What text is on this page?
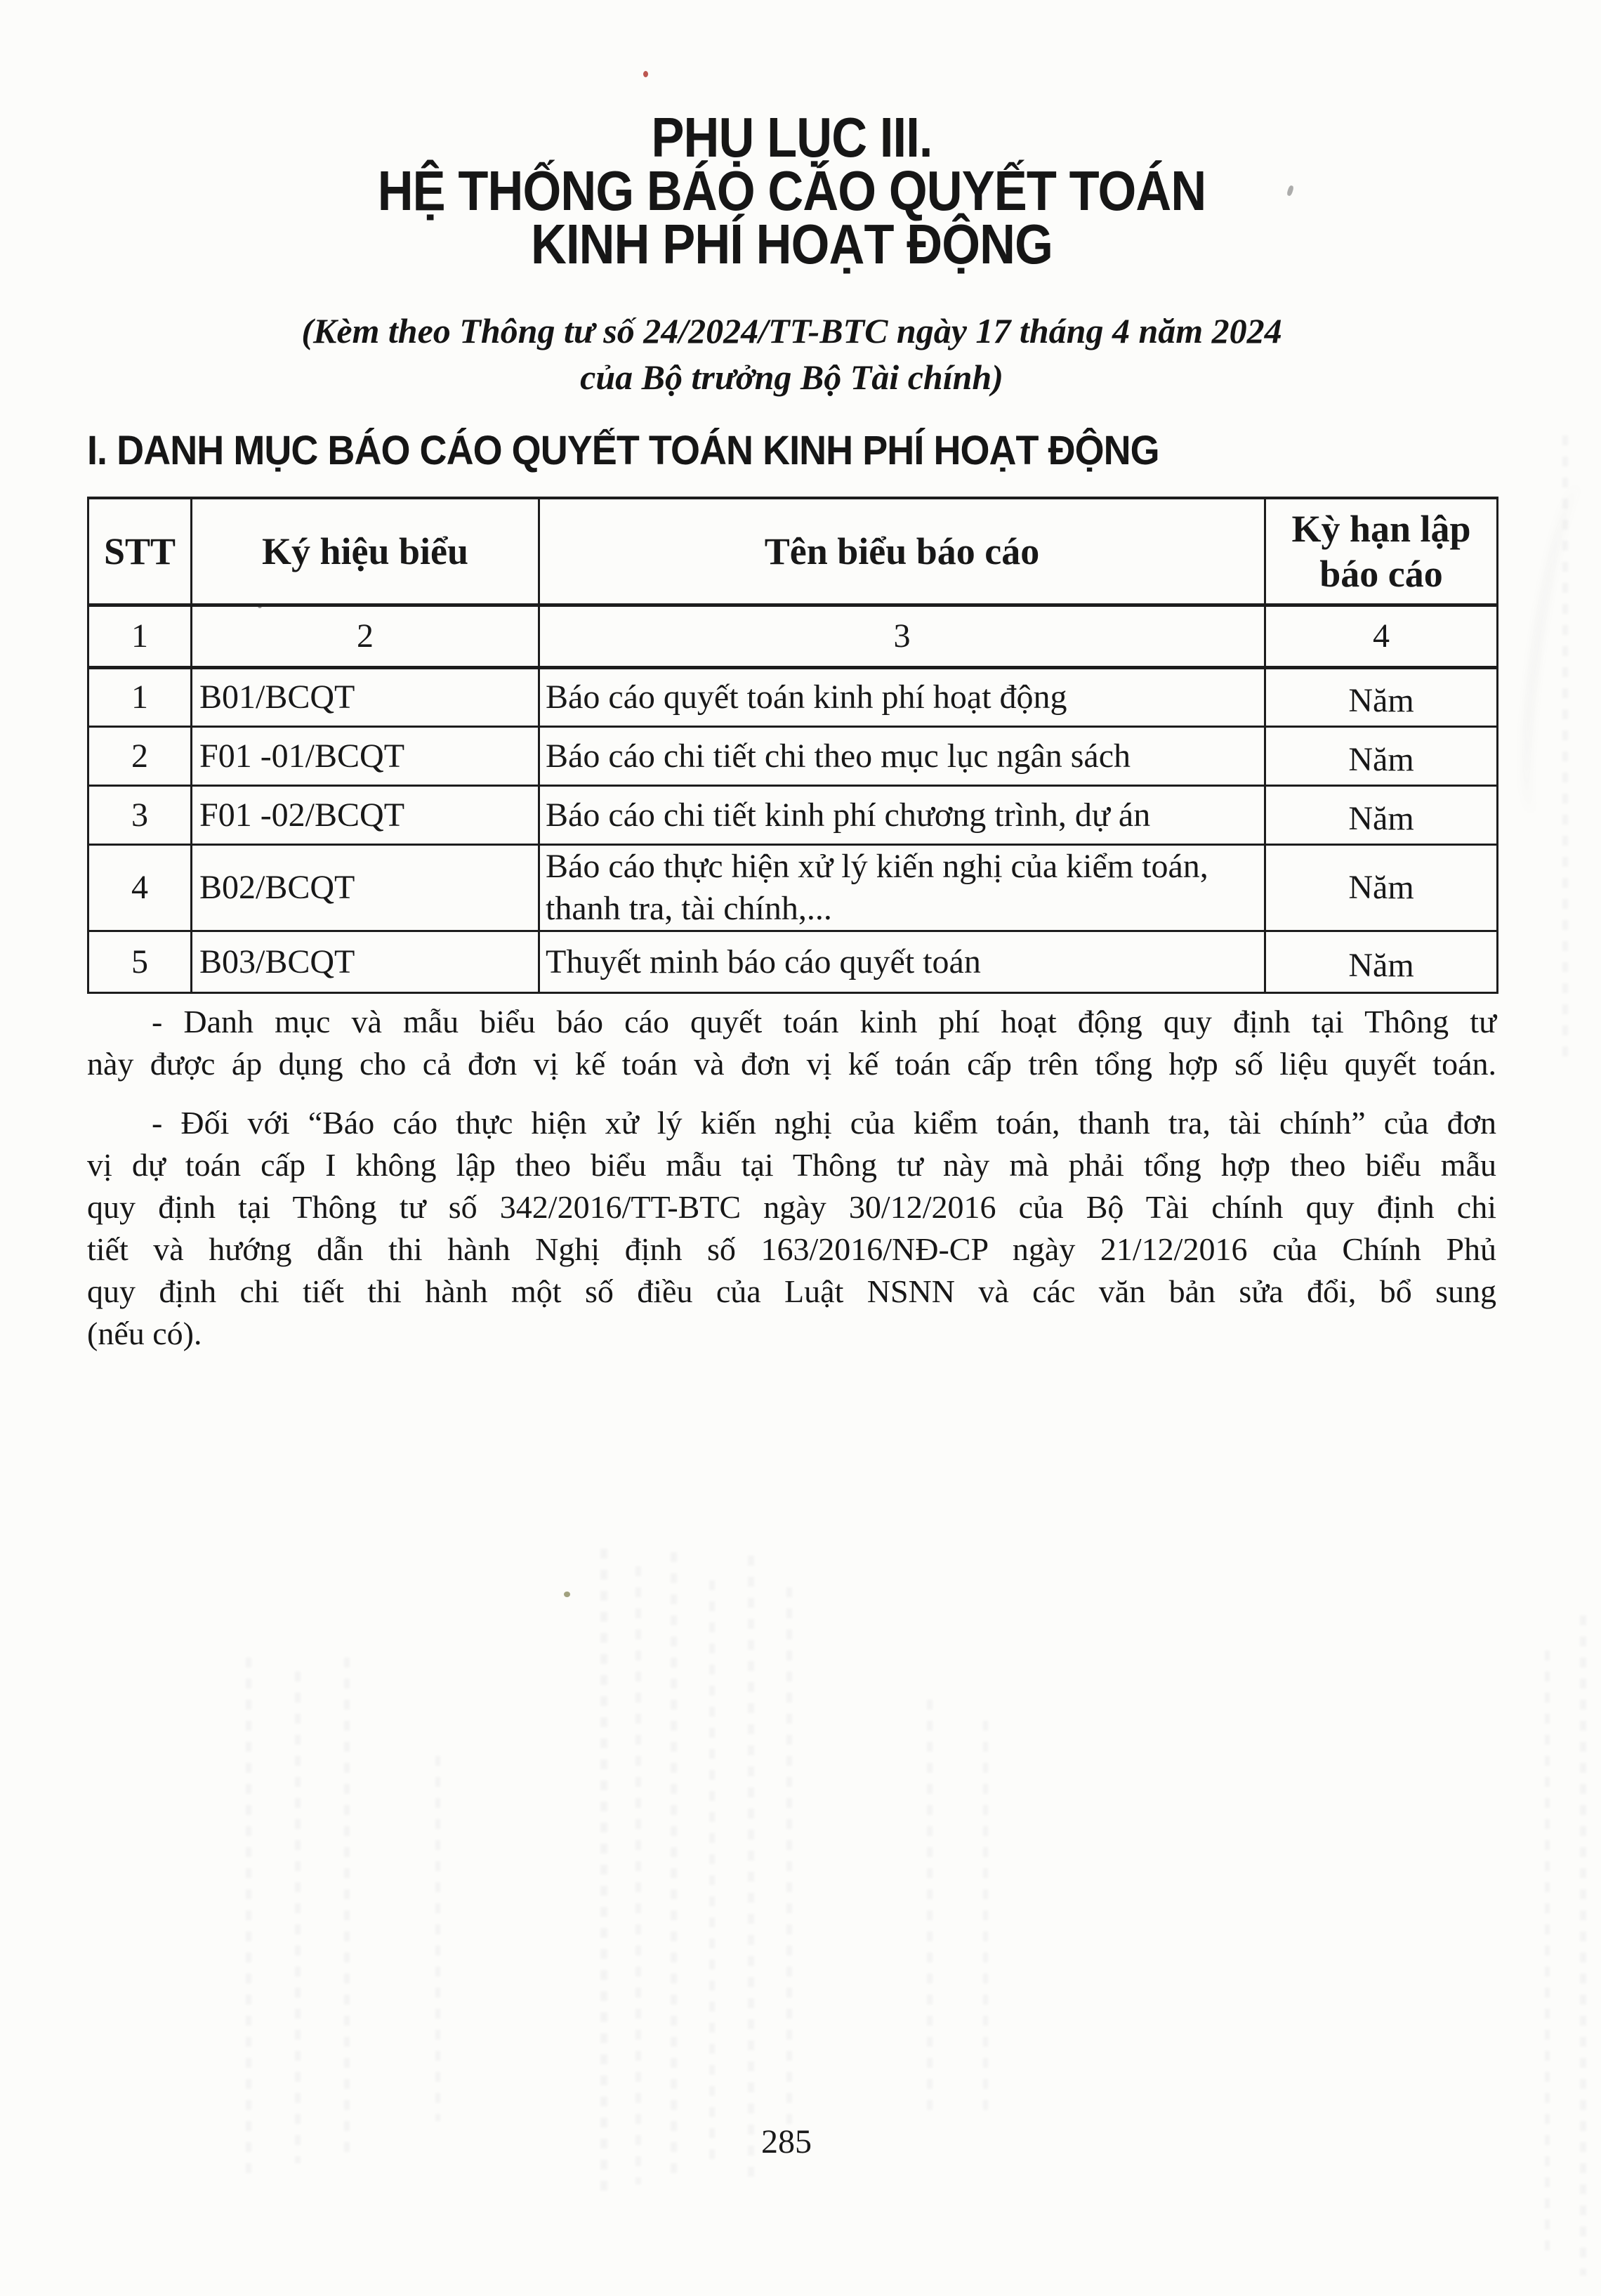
PHỤ LỤC III.
HỆ THỐNG BÁO CÁO QUYẾT TOÁN
KINH PHÍ HOẠT ĐỘNG
(Kèm theo Thông tư số 24/2024/TT-BTC ngày 17 tháng 4 năm 2024
của Bộ trưởng Bộ Tài chính)
I. DANH MỤC BÁO CÁO QUYẾT TOÁN KINH PHÍ HOẠT ĐỘNG
STT	Ký hiệu biểu	Tên biểu báo cáo	Kỳ hạn lập báo cáo
1	2	3	4
1	B01/BCQT	Báo cáo quyết toán kinh phí hoạt động	Năm
2	F01 -01/BCQT	Báo cáo chi tiết chi theo mục lục ngân sách	Năm
3	F01 -02/BCQT	Báo cáo chi tiết kinh phí chương trình, dự án	Năm
4	B02/BCQT	Báo cáo thực hiện xử lý kiến nghị của kiểm toán, thanh tra, tài chính,...	Năm
5	B03/BCQT	Thuyết minh báo cáo quyết toán	Năm
- Danh mục và mẫu biểu báo cáo quyết toán kinh phí hoạt động quy định tại Thông tư
này được áp dụng cho cả đơn vị kế toán và đơn vị kế toán cấp trên tổng hợp số liệu quyết toán.
- Đối với “Báo cáo thực hiện xử lý kiến nghị của kiểm toán, thanh tra, tài chính” của đơn
vị dự toán cấp I không lập theo biểu mẫu tại Thông tư này mà phải tổng hợp theo biểu mẫu
quy định tại Thông tư số 342/2016/TT-BTC ngày 30/12/2016 của Bộ Tài chính quy định chi
tiết và hướng dẫn thi hành Nghị định số 163/2016/NĐ-CP ngày 21/12/2016 của Chính Phủ
quy định chi tiết thi hành một số điều của Luật NSNN và các văn bản sửa đổi, bổ sung
(nếu có).
285
